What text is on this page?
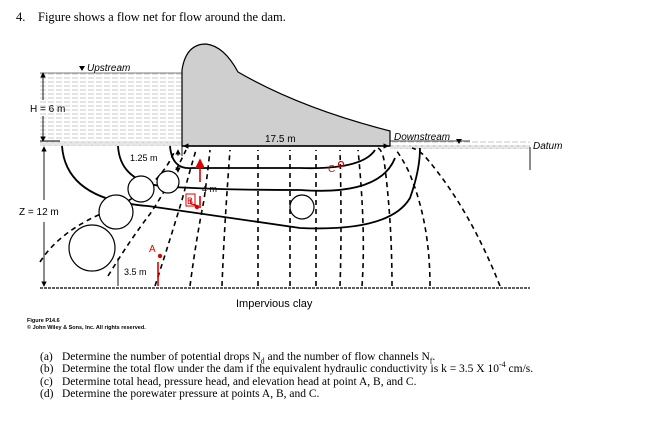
4. Figure shows a flow net for flow around the dam.
Upstream
Downstream
Datum
H = 6 m
Z = 12 m
17.5 m
1.25 m
4 m
3.5 m
A
B
C
Impervious clay
Figure P14.6
© John Wiley & Sons, Inc. All rights reserved.
(a) Determine the number of potential drops $N_d$ and the number of flow channels $N_f$.
(b) Determine the total flow under the dam if the equivalent hydraulic conductivity is k = 3.5 X $10^{-4}$ cm/s.
(c) Determine total head, pressure head, and elevation head at point A, B, and C.
(d) Determine the porewater pressure at points A, B, and C.
